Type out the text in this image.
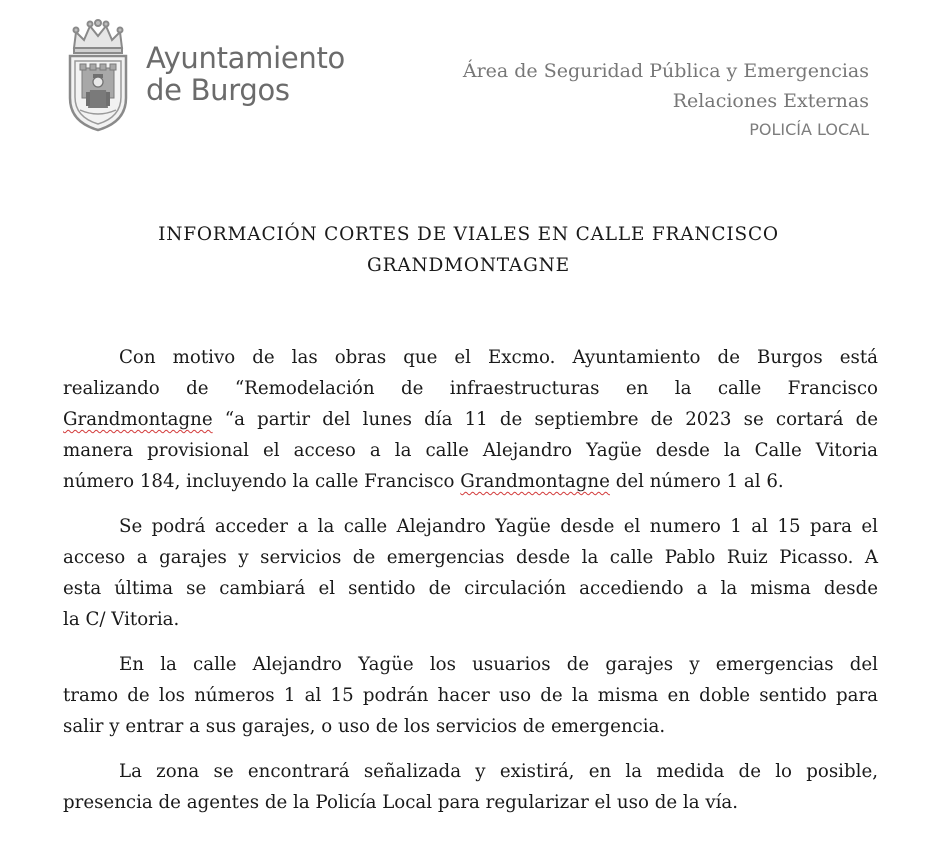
Ayuntamiento
de Burgos
Área de Seguridad Pública y Emergencias
Relaciones Externas
POLICÍA LOCAL
INFORMACIÓN CORTES DE VIALES EN CALLE FRANCISCO
GRANDMONTAGNE
Con motivo de las obras que el Excmo. Ayuntamiento de Burgos está
realizando de “Remodelación de infraestructuras en la calle Francisco
Grandmontagne “a partir del lunes día 11 de septiembre de 2023 se cortará de
manera provisional el acceso a la calle Alejandro Yagüe desde la Calle Vitoria
número 184, incluyendo la calle Francisco Grandmontagne del número 1 al 6.
Se podrá acceder a la calle Alejandro Yagüe desde el numero 1 al 15 para el
acceso a garajes y servicios de emergencias desde la calle Pablo Ruiz Picasso. A
esta última se cambiará el sentido de circulación accediendo a la misma desde
la C/ Vitoria.
En la calle Alejandro Yagüe los usuarios de garajes y emergencias del
tramo de los números 1 al 15 podrán hacer uso de la misma en doble sentido para
salir y entrar a sus garajes, o uso de los servicios de emergencia.
La zona se encontrará señalizada y existirá, en la medida de lo posible,
presencia de agentes de la Policía Local para regularizar el uso de la vía.
